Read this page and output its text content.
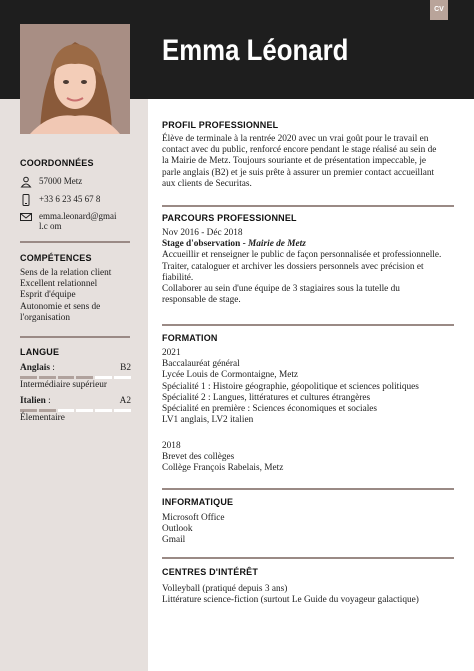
CV
Emma Léonard
COORDONNÉES
57000 Metz
+33 6 23 45 67 8
emma.leonard@gmail.c om
COMPÉTENCES
Sens de la relation client
Excellent relationnel
Esprit d'équipe
Autonomie et sens de l'organisation
LANGUE
Anglais :	B2
Intermédiaire supérieur
Italien :	A2
Élementaire
PROFIL PROFESSIONNEL
Élève de terminale à la rentrée 2020 avec un vrai goût pour le travail en
contact avec du public, renforcé encore pendant le stage réalisé au sein de
la Mairie de Metz. Toujours souriante et de présentation impeccable, je
parle anglais (B2) et je suis prête à assurer un premier contact accueillant
aux clients de Securitas.
PARCOURS PROFESSIONNEL
Nov 2016 - Déc 2018
Stage d'observation - Mairie de Metz
Accueillir et renseigner le public de façon personnalisée et professionnelle.
Traiter, cataloguer et archiver les dossiers personnels avec précision et
fiabilité.
Collaborer au sein d'une équipe de 3 stagiaires sous la tutelle du
responsable de stage.
FORMATION
2021
Baccalauréat général
Lycée Louis de Cormontaigne, Metz
Spécialité 1 : Histoire géographie, géopolitique et sciences politiques
Spécialité 2 : Langues, littératures et cultures étrangères
Spécialité en première : Sciences économiques et sociales
LV1 anglais, LV2 italien
2018
Brevet des collèges
Collège François Rabelais, Metz
INFORMATIQUE
Microsoft Office
Outlook
Gmail
CENTRES D'INTÉRÊT
Volleyball (pratiqué depuis 3 ans)
Littérature science-fiction (surtout Le Guide du voyageur galactique)
